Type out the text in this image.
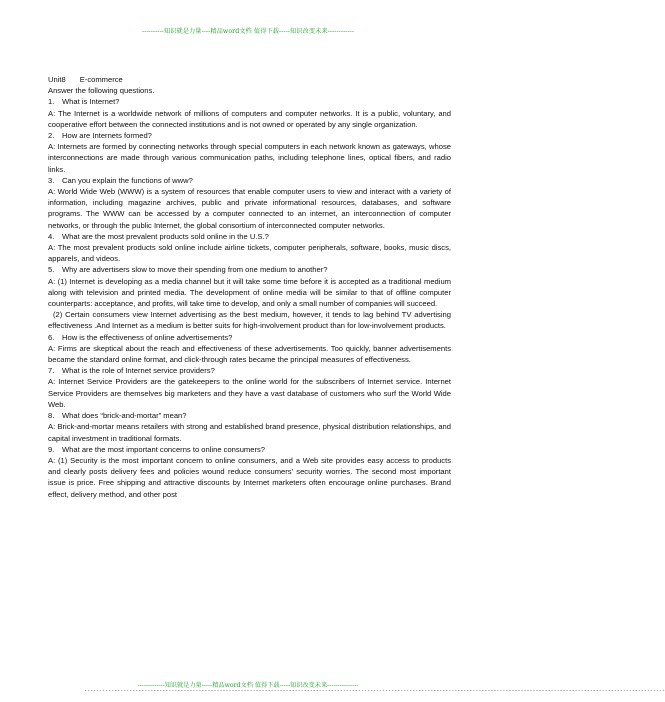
----------知识就是力量----精品word文档 值得下载-----知识改变未来------------
Unit8 E-commerce
Answer the following questions.
1. What is Internet?
A: The Internet is a worldwide network of millions of computers and computer networks. It is a public, voluntary, and cooperative effort between the connected institutions and is not owned or operated by any single organization.
2. How are Internets formed?
A: Internets are formed by connecting networks through special computers in each network known as gateways, whose interconnections are made through various communication paths, including telephone lines, optical fibers, and radio links.
3. Can you explain the functions of www?
A: World Wide Web (WWW) is a system of resources that enable computer users to view and interact with a variety of information, including magazine archives, public and private informational resources, databases, and software programs. The WWW can be accessed by a computer connected to an internet, an interconnection of computer networks, or through the public Internet, the global consortium of interconnected computer networks.
4. What are the most prevalent products sold online in the U.S.?
A: The most prevalent products sold online include airline tickets, computer peripherals, software, books, music discs, apparels, and videos.
5. Why are advertisers slow to move their spending from one medium to another?
A: (1) Internet is developing as a media channel but it will take some time before it is accepted as a traditional medium along with television and printed media. The development of online media will be similar to that of offline computer counterparts: acceptance, and profits, will take time to develop, and only a small number of companies will succeed.
(2) Certain consumers view Internet advertising as the best medium, however, it tends to lag behind TV advertising effectiveness .And Internet as a medium is better suits for high-involvement product than for low-involvement products.
6. How is the effectiveness of online advertisements?
A: Firms are skeptical about the reach and effectiveness of these advertisements. Too quickly, banner advertisements became the standard online format, and click-through rates became the principal measures of effectiveness.
7. What is the role of Internet service providers?
A: Internet Service Providers are the gatekeepers to the online world for the subscribers of Internet service. Internet Service Providers are themselves big marketers and they have a vast database of customers who surf the World Wide Web.
8. What does “brick-and-mortar” mean?
A: Brick-and-mortar means retailers with strong and established brand presence, physical distribution relationships, and capital investment in traditional formats.
9. What are the most important concerns to online consumers?
A: (1) Security is the most important concern to online consumers, and a Web site provides easy access to products and clearly posts delivery fees and policies wound reduce consumers’ security worries. The second most important issue is price. Free shipping and attractive discounts by Internet marketers often encourage online purchases. Brand effect, delivery method, and other post
-------------知识就是力量-----精品word文档 值得下载-----知识改变未来---------------
-------------------------------------------------------------------------------------------------------------------------------------------------------------------------------------------------
